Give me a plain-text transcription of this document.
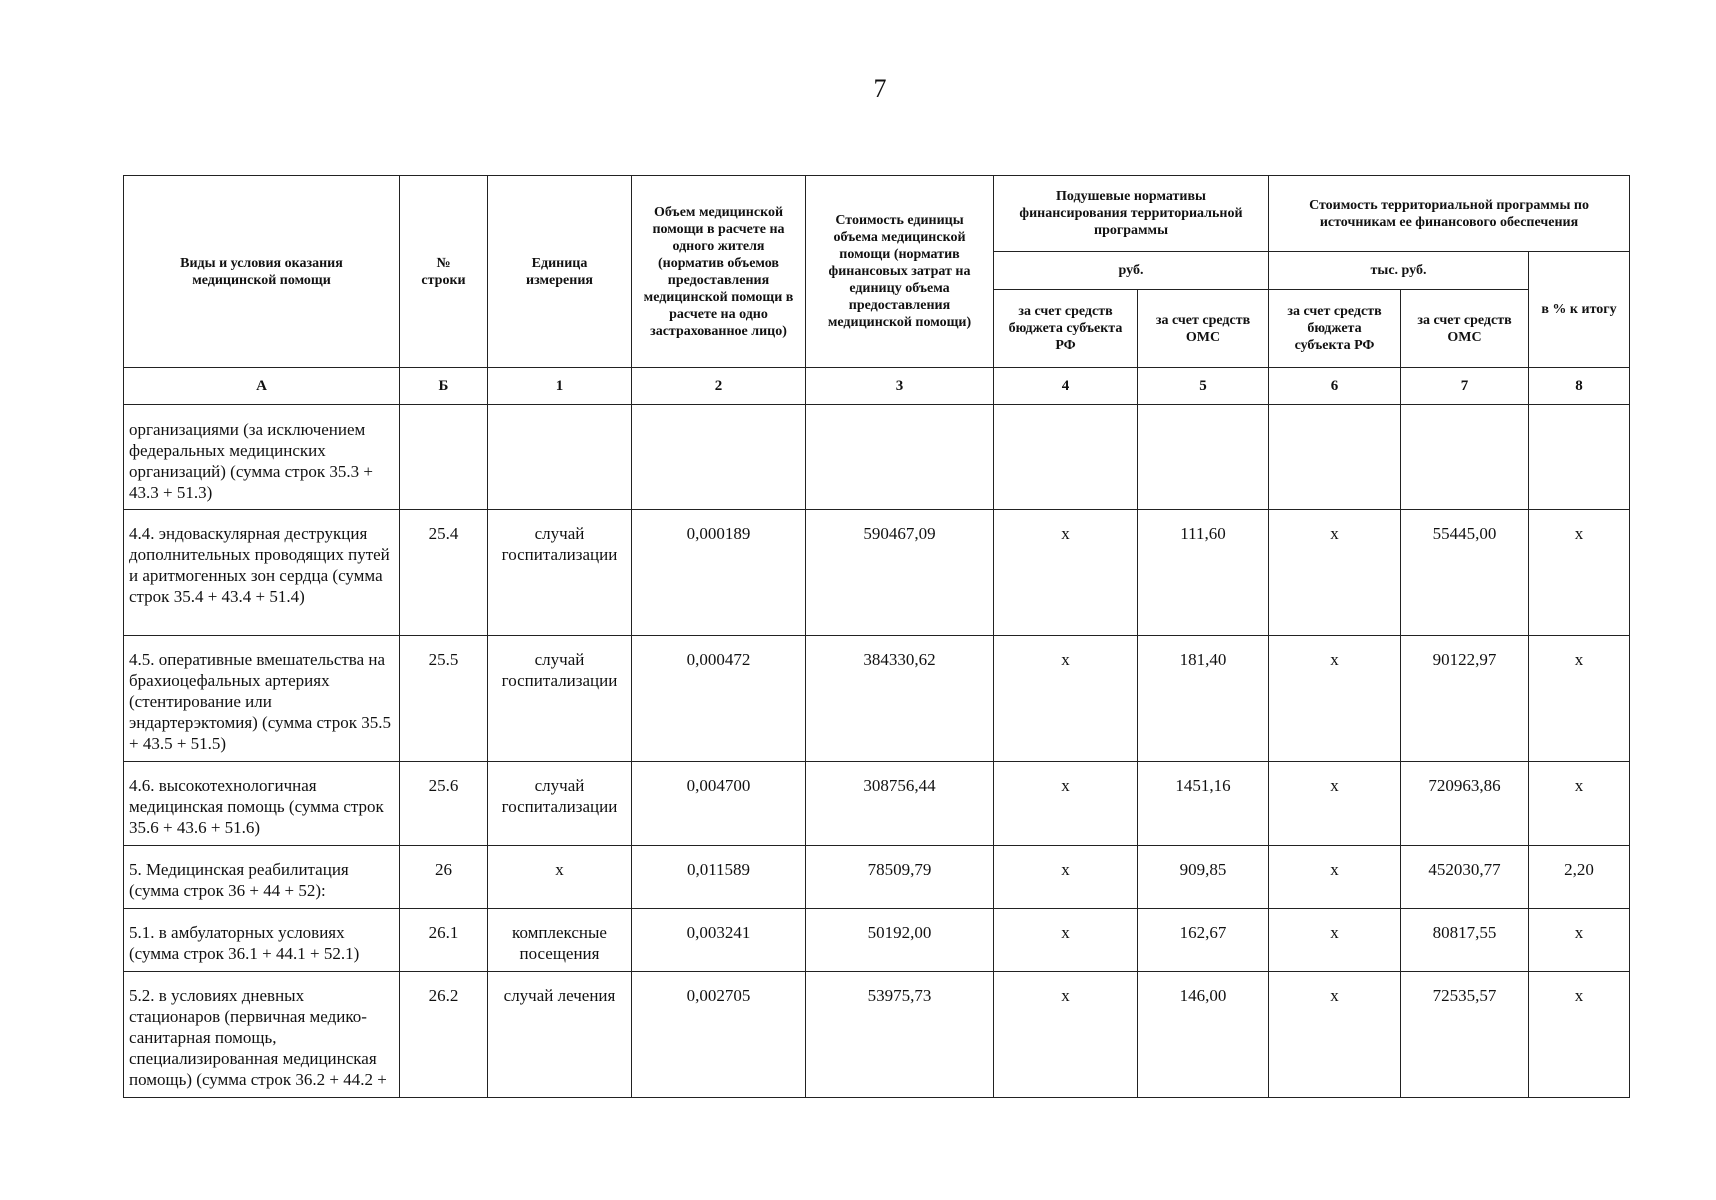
7
Виды и условия оказания медицинской помощи	№ строки	Единица измерения	Объем медицинской помощи в расчете на одного жителя (норматив объемов предоставления медицинской помощи в расчете на одно застрахованное лицо)	Стоимость единицы объема медицинской помощи (норматив финансовых затрат на единицу объема предоставления медицинской помощи)	Подушевые нормативы финансирования территориальной программы		Стоимость территориальной программы по источникам ее финансового обеспечения		
					руб.		тыс. руб.		в % к итогу
					за счет средств бюджета субъекта РФ	за счет средств ОМС	за счет средств бюджета субъекта РФ	за счет средств ОМС	
А	Б	1	2	3	4	5	6	7	8
организациями (за исключением федеральных медицинских организаций) (сумма строк 35.3 + 43.3 + 51.3)									
4.4. эндоваскулярная деструкция дополнительных проводящих путей и аритмогенных зон сердца (сумма строк 35.4 + 43.4 + 51.4)	25.4	случай госпитализации	0,000189	590467,09	х	111,60	х	55445,00	х
4.5. оперативные вмешательства на брахиоцефальных артериях (стентирование или эндартерэктомия) (сумма строк 35.5 + 43.5 + 51.5)	25.5	случай госпитализации	0,000472	384330,62	х	181,40	х	90122,97	х
4.6. высокотехнологичная медицинская помощь (сумма строк 35.6 + 43.6 + 51.6)	25.6	случай госпитализации	0,004700	308756,44	х	1451,16	х	720963,86	х
5. Медицинская реабилитация (сумма строк 36 + 44 + 52):	26	х	0,011589	78509,79	х	909,85	х	452030,77	2,20
5.1. в амбулаторных условиях (сумма строк 36.1 + 44.1 + 52.1)	26.1	комплексные посещения	0,003241	50192,00	х	162,67	х	80817,55	х
5.2. в условиях дневных стационаров (первичная медико-санитарная помощь, специализированная медицинская помощь) (сумма строк 36.2 + 44.2 +	26.2	случай лечения	0,002705	53975,73	х	146,00	х	72535,57	х
